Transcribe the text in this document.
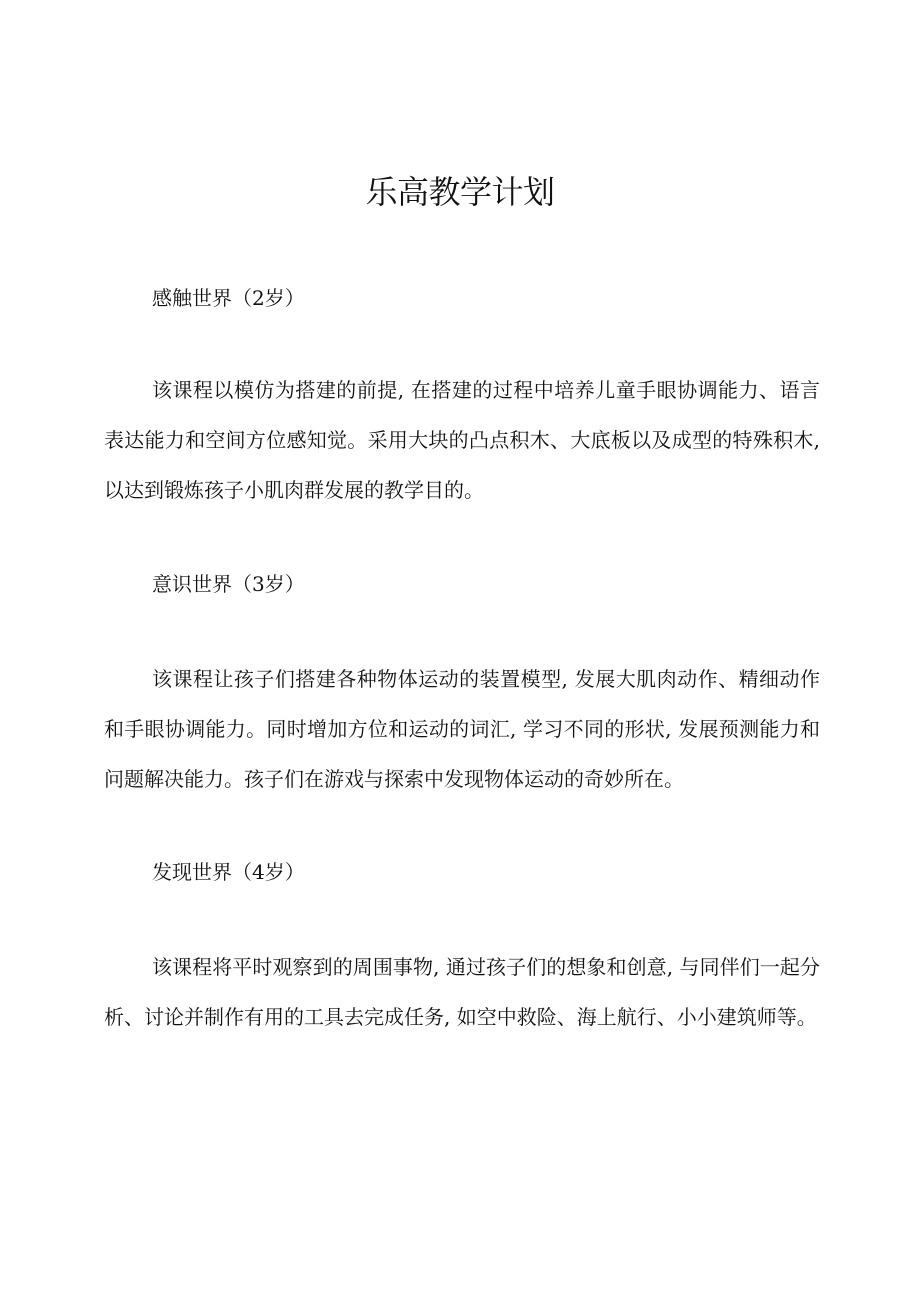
乐高教学计划

感触世界（2岁）

该课程以模仿为搭建的前提, 在搭建的过程中培养儿童手眼协调能力、语言表达能力和空间方位感知觉。采用大块的凸点积木、大底板以及成型的特殊积木, 以达到锻炼孩子小肌肉群发展的教学目的。

意识世界（3岁）

该课程让孩子们搭建各种物体运动的装置模型, 发展大肌肉动作、精细动作和手眼协调能力。同时增加方位和运动的词汇, 学习不同的形状, 发展预测能力和问题解决能力。孩子们在游戏与探索中发现物体运动的奇妙所在。

发现世界（4岁）

该课程将平时观察到的周围事物, 通过孩子们的想象和创意, 与同伴们一起分析、讨论并制作有用的工具去完成任务, 如空中救险、海上航行、小小建筑师等。
